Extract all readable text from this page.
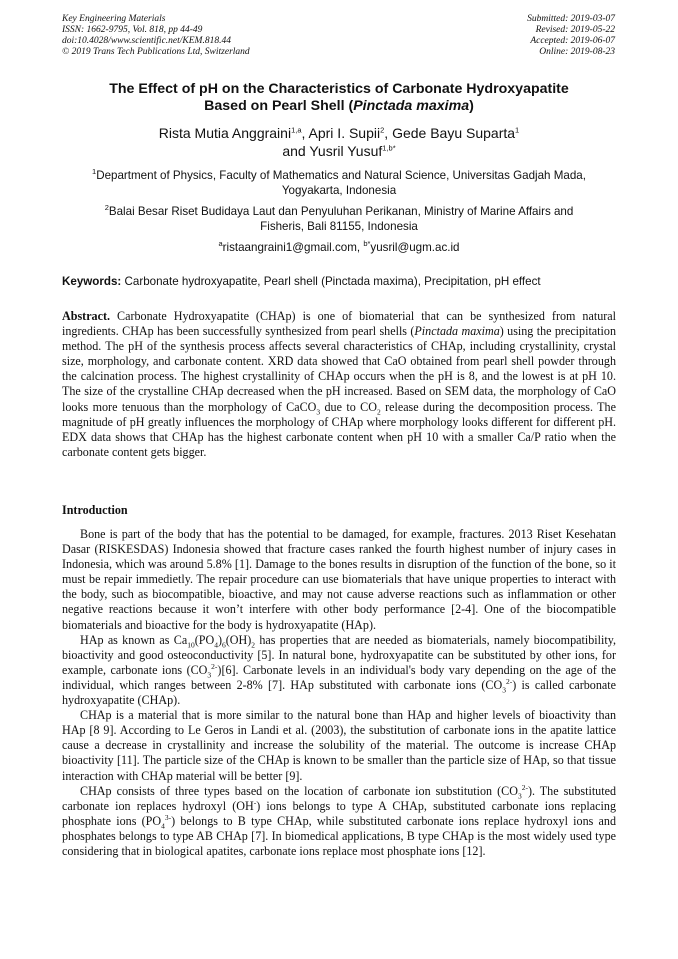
Key Engineering Materials
ISSN: 1662-9795, Vol. 818, pp 44-49
doi:10.4028/www.scientific.net/KEM.818.44
© 2019 Trans Tech Publications Ltd, Switzerland
Submitted: 2019-03-07
Revised: 2019-05-22
Accepted: 2019-06-07
Online: 2019-08-23
The Effect of pH on the Characteristics of Carbonate Hydroxyapatite
Based on Pearl Shell (Pinctada maxima)
Rista Mutia Anggraini$^{1,a}$, Apri I. Supii$^2$, Gede Bayu Suparta$^1$
and Yusril Yusuf$^{1,b*}$
$^1$Department of Physics, Faculty of Mathematics and Natural Science, Universitas Gadjah Mada,
Yogyakarta, Indonesia
$^2$Balai Besar Riset Budidaya Laut dan Penyuluhan Perikanan, Ministry of Marine Affairs and
Fisheris, Bali 81155, Indonesia
$^a$ristaangraini1@gmail.com, $^{b*}$yusril@ugm.ac.id
Keywords: Carbonate hydroxyapatite, Pearl shell (Pinctada maxima), Precipitation, pH effect
Abstract. Carbonate Hydroxyapatite (CHAp) is one of biomaterial that can be synthesized from natural ingredients. CHAp has been successfully synthesized from pearl shells (Pinctada maxima) using the precipitation method. The pH of the synthesis process affects several characteristics of CHAp, including crystallinity, crystal size, morphology, and carbonate content. XRD data showed that CaO obtained from pearl shell powder through the calcination process. The highest crystallinity of CHAp occurs when the pH is 8, and the lowest is at pH 10. The size of the crystalline CHAp decreased when the pH increased. Based on SEM data, the morphology of CaO looks more tenuous than the morphology of CaCO$_3$ due to $CO_2$ release during the decomposition process. The magnitude of pH greatly influences the morphology of CHAp where morphology looks different for different pH. EDX data shows that CHAp has the highest carbonate content when pH 10 with a smaller Ca/P ratio when the carbonate content gets bigger.
Introduction

Bone is part of the body that has the potential to be damaged, for example, fractures. 2013 Riset Kesehatan Dasar (RISKESDAS) Indonesia showed that fracture cases ranked the fourth highest number of injury cases in Indonesia, which was around 5.8% [1]. Damage to the bones results in disruption of the function of the bone, so it must be repair immedietly. The repair procedure can use biomaterials that have unique properties to interact with the body, such as biocompatible, bioactive, and may not cause adverse reactions such as inflammation or other negative reactions because it won’t interfere with other body performance [2-4]. One of the biocompatible biomaterials and bioactive for the body is hydroxyapatite (HAp).

HAp as known as $Ca_{10}(PO_4)_6(OH)_2$ has properties that are needed as biomaterials, namely biocompatibility, bioactivity and good osteoconductivity [5]. In natural bone, hydroxyapatite can be substituted by other ions, for example, carbonate ions $(CO_3^{2-})[6]$. Carbonate levels in an individual's body vary depending on the age of the individual, which ranges between 2-8% [7]. HAp substituted with carbonate ions $(CO_3^{2-})$ is called carbonate hydroxyapatite (CHAp).

CHAp is a material that is more similar to the natural bone than HAp and higher levels of bioactivity than HAp [8 9]. According to Le Geros in Landi et al. (2003), the substitution of carbonate ions in the apatite lattice cause a decrease in crystallinity and increase the solubility of the material. The outcome is increase CHAp bioactivity [11]. The particle size of the CHAp is known to be smaller than the particle size of HAp, so that tissue interaction with CHAp material will be better [9].

CHAp consists of three types based on the location of carbonate ion substitution $(CO_3^{2-})$. The substituted carbonate ion replaces hydroxyl (OH-) ions belongs to type A CHAp, substituted carbonate ions replacing phosphate ions $(PO_4^{3-})$ belongs to B type CHAp, while substituted carbonate ions replace hydroxyl ions and phosphates belongs to type AB CHAp [7]. In biomedical applications, B type CHAp is the most widely used type considering that in biological apatites, carbonate ions replace most phosphate ions [12].
